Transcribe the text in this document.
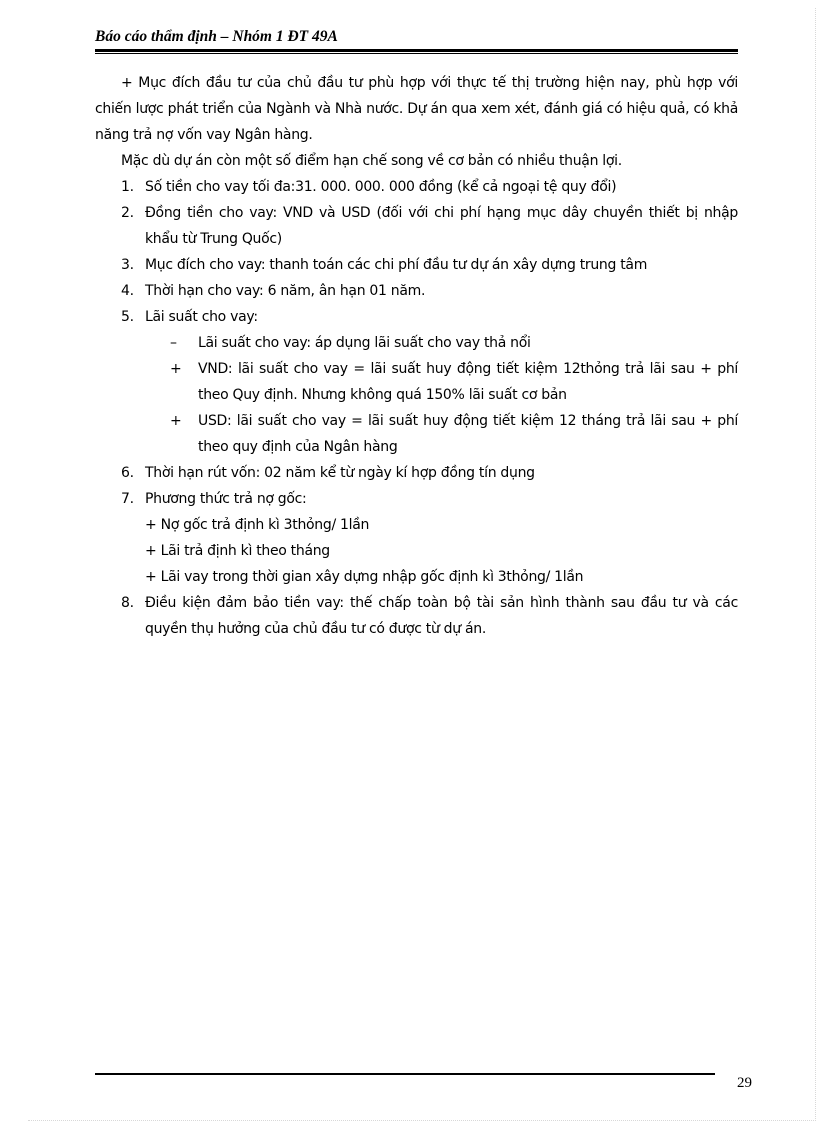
Báo cáo thẩm định – Nhóm 1 ĐT 49A

+ Mục đích đầu tư của chủ đầu tư phù hợp với thực tế thị trường hiện nay, phù hợp với chiến lược phát triển của Ngành và Nhà nước. Dự án qua xem xét, đánh giá có hiệu quả, có khả năng trả nợ vốn vay Ngân hàng.

Mặc dù dự án còn một số điểm hạn chế song về cơ bản có nhiều thuận lợi.

1. Số tiền cho vay tối đa:31. 000. 000. 000 đồng (kể cả ngoại tệ quy đổi)
2. Đồng tiền cho vay: VND và USD (đối với chi phí hạng mục dây chuyền thiết bị nhập khẩu từ Trung Quốc)
3. Mục đích cho vay: thanh toán các chi phí đầu tư dự án xây dựng trung tâm
4. Thời hạn cho vay: 6 năm, ân hạn 01 năm.
5. Lãi suất cho vay:
– Lãi suất cho vay: áp dụng lãi suất cho vay thả nổi
+ VND: lãi suất cho vay = lãi suất huy động tiết kiệm 12thỏng trả lãi sau + phí theo Quy định. Nhưng không quá 150% lãi suất cơ bản
+ USD: lãi suất cho vay = lãi suất huy động tiết kiệm 12 tháng trả lãi sau + phí theo quy định của Ngân hàng
6. Thời hạn rút vốn: 02 năm kể từ ngày kí hợp đồng tín dụng
7. Phương thức trả nợ gốc:
+ Nợ gốc trả định kì 3thỏng/ 1lần
+ Lãi trả định kì theo tháng
+ Lãi vay trong thời gian xây dựng nhập gốc định kì 3thỏng/ 1lần
8. Điều kiện đảm bảo tiền vay: thế chấp toàn bộ tài sản hình thành sau đầu tư và các quyền thụ hưởng của chủ đầu tư có được từ dự án.
29
